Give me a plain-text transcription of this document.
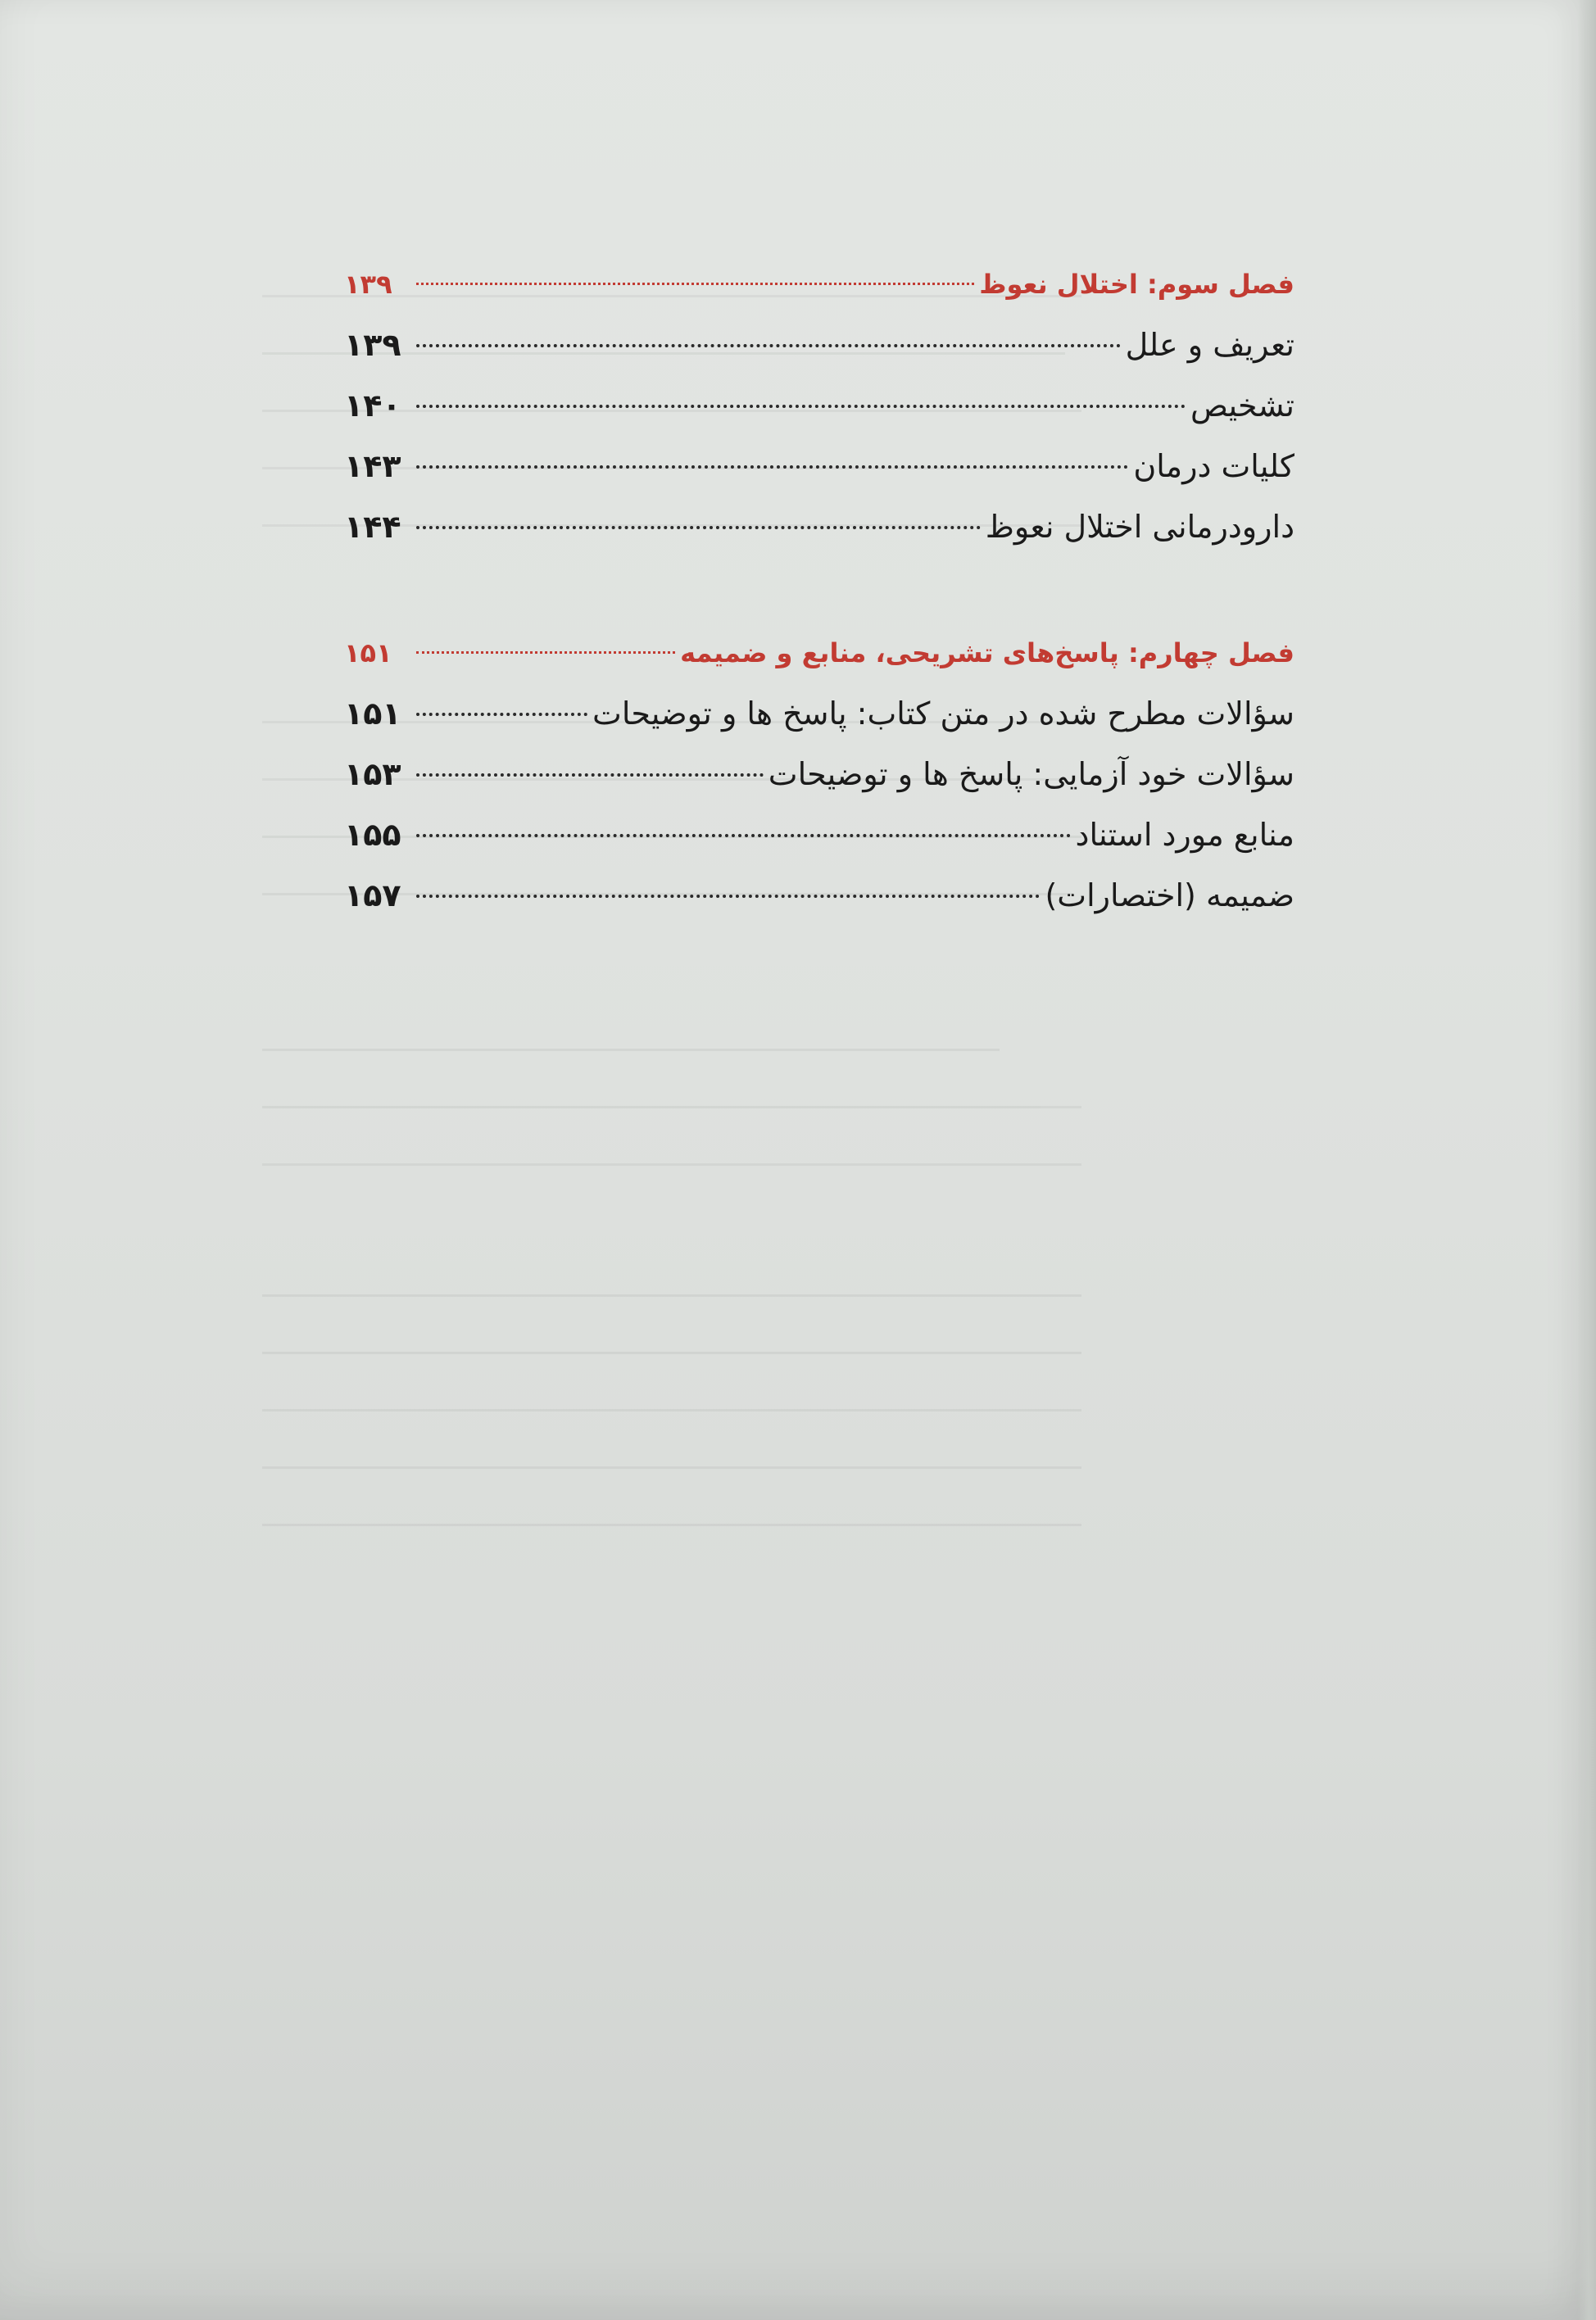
فصل سوم: اختلال نعوظ
۱۳۹
تعریف و علل
۱۳۹
تشخیص
۱۴۰
کلیات درمان
۱۴۳
دارودرمانی اختلال نعوظ
۱۴۴
فصل چهارم: پاسخ‌های تشریحی، منابع و ضمیمه
۱۵۱
سؤالات مطرح شده در متن کتاب: پاسخ ها و توضیحات
۱۵۱
سؤالات خود آزمایی: پاسخ ها و توضیحات
۱۵۳
منابع مورد استناد
۱۵۵
ضمیمه (اختصارات)
۱۵۷
